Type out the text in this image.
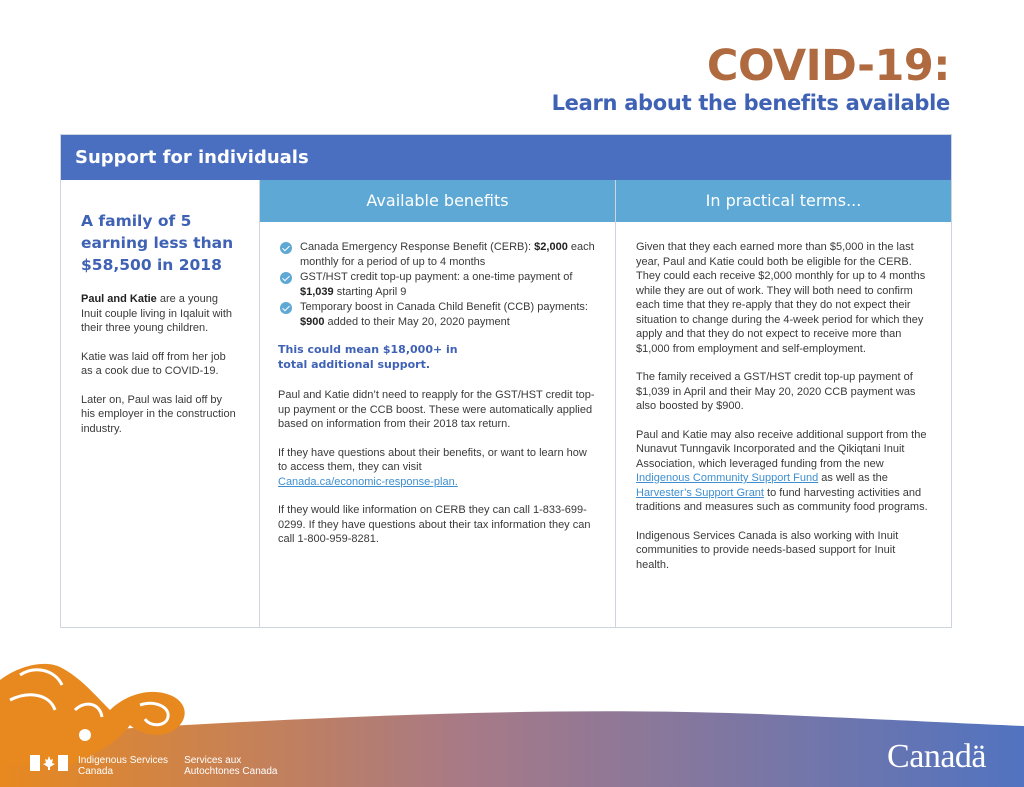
COVID-19:
Learn about the benefits available
Support for individuals
A family of 5 earning less than $58,500 in 2018

Paul and Katie are a young Inuit couple living in Iqaluit with their three young children.

Katie was laid off from her job as a cook due to COVID-19.

Later on, Paul was laid off by his employer in the construction industry.

Available benefits
Canada Emergency Response Benefit (CERB): $2,000 each monthly for a period of up to 4 months
GST/HST credit top-up payment: a one-time payment of $1,039 starting April 9
Temporary boost in Canada Child Benefit (CCB) payments: $900 added to their May 20, 2020 payment
This could mean $18,000+ in total additional support.

Paul and Katie didn’t need to reapply for the GST/HST credit top-up payment or the CCB boost. These were automatically applied based on information from their 2018 tax return.

If they have questions about their benefits, or want to learn how to access them, they can visit
Canada.ca/economic-response-plan.

If they would like information on CERB they can call 1-833-699-0299. If they have questions about their tax information they can call 1-800-959-8281.

In practical terms...

Given that they each earned more than $5,000 in the last year, Paul and Katie could both be eligible for the CERB. They could each receive $2,000 monthly for up to 4 months while they are out of work. They will both need to confirm each time that they re-apply that they do not expect their situation to change during the 4-week period for which they apply and that they do not expect to receive more than $1,000 from employment and self-employment.

The family received a GST/HST credit top-up payment of $1,039 in April and their May 20, 2020 CCB payment was also boosted by $900.

Paul and Katie may also receive additional support from the Nunavut Tunngavik Incorporated and the Qikiqtani Inuit Association, which leveraged funding from the new Indigenous Community Support Fund as well as the Harvester’s Support Grant to fund harvesting activities and traditions and measures such as community food programs.

Indigenous Services Canada is also working with Inuit communities to provide needs-based support for Inuit health.

Indigenous Services
Canada
Services aux
Autochtones Canada	Canadä
